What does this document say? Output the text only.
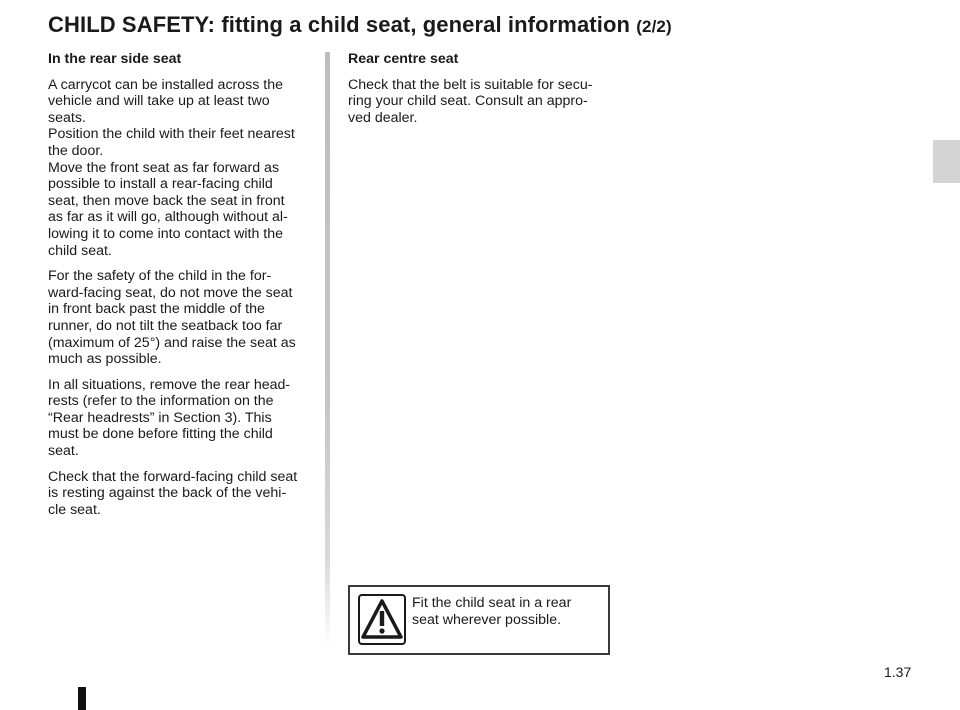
CHILD SAFETY: fitting a child seat, general information (2/2)
In the rear side seat
A carrycot can be installed across the
vehicle and will take up at least two
seats.
Position the child with their feet nearest
the door.
Move the front seat as far forward as
possible to install a rear-facing child
seat, then move back the seat in front
as far as it will go, although without al-
lowing it to come into contact with the
child seat.
For the safety of the child in the for-
ward-facing seat, do not move the seat
in front back past the middle of the
runner, do not tilt the seatback too far
(maximum of 25°) and raise the seat as
much as possible.
In all situations, remove the rear head-
rests (refer to the information on the
“Rear headrests” in Section 3). This
must be done before fitting the child
seat.
Check that the forward-facing child seat
is resting against the back of the vehi-
cle seat.
Rear centre seat
Check that the belt is suitable for secu-
ring your child seat. Consult an appro-
ved dealer.
Fit the child seat in a rear
seat wherever possible.
1.37
